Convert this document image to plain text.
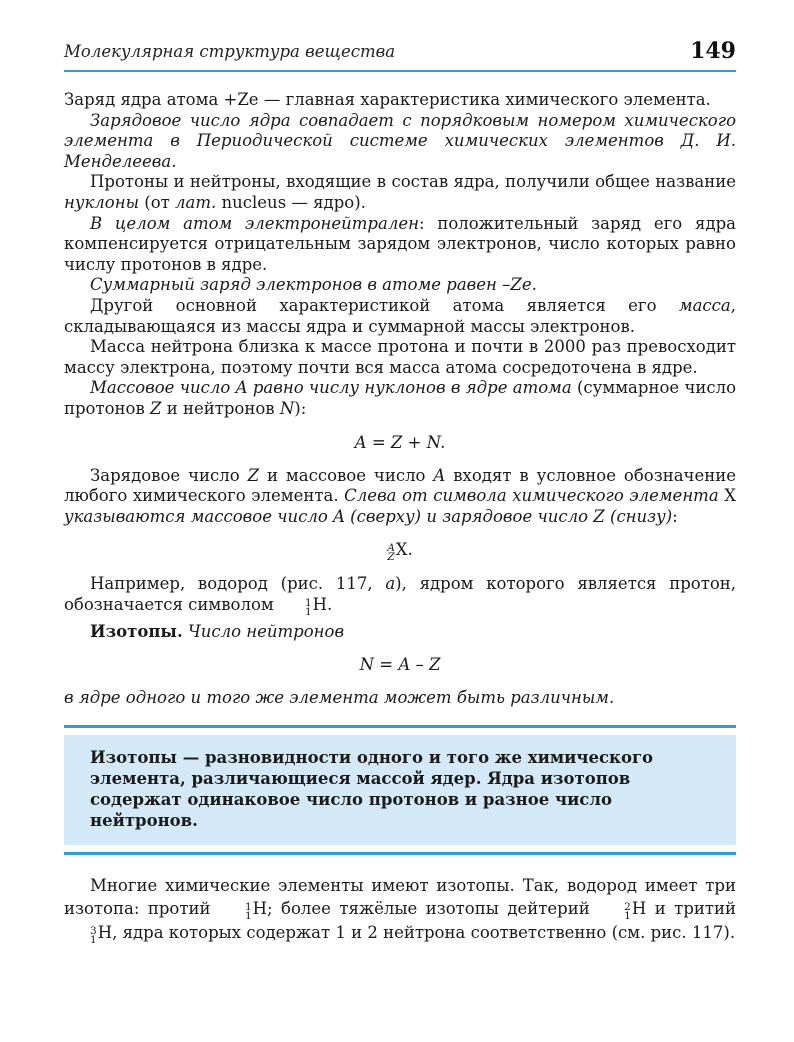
Молекулярная структура вещества	149

Заряд ядра атома +Ze — главная характеристика химического элемента.

Зарядовое число ядра совпадает с порядковым номером химического элемента в Периодической системе химических элементов Д. И. Менделеева.

Протоны и нейтроны, входящие в состав ядра, получили общее название нуклоны (от лат. nucleus — ядро).

В целом атом электронейтрален: положительный заряд его ядра компенсируется отрицательным зарядом электронов, число которых равно числу протонов в ядре.

Суммарный заряд электронов в атоме равен –Ze.

Другой основной характеристикой атома является его масса, складывающаяся из массы ядра и суммарной массы электронов.

Масса нейтрона близка к массе протона и почти в 2000 раз превосходит массу электрона, поэтому почти вся масса атома сосредоточена в ядре.

Массовое число A равно числу нуклонов в ядре атома (суммарное число протонов Z и нейтронов N):

A = Z + N.

Зарядовое число Z и массовое число A входят в условное обозначение любого химического элемента. Слева от символа химического элемента X указываются массовое число A (сверху) и зарядовое число Z (снизу):

A
Z X.

Например, водород (рис. 117, а), ядром которого является протон, обозначается символом	1
1 H.

Изотопы. Число нейтронов

N = A – Z

в ядре одного и того же элемента может быть различным.

Изотопы — разновидности одного и того же химического элемента, различающиеся массой ядер. Ядра изотопов содержат одинаковое число протонов и разное число нейтронов.

Многие химические элементы имеют изотопы. Так, водород имеет три изотопа: протий	1
1 H; более тяжёлые изотопы дейтерий	2
1 H и тритий
3
1 H, ядра которых содержат 1 и 2 нейтрона соответственно (см. рис. 117).
